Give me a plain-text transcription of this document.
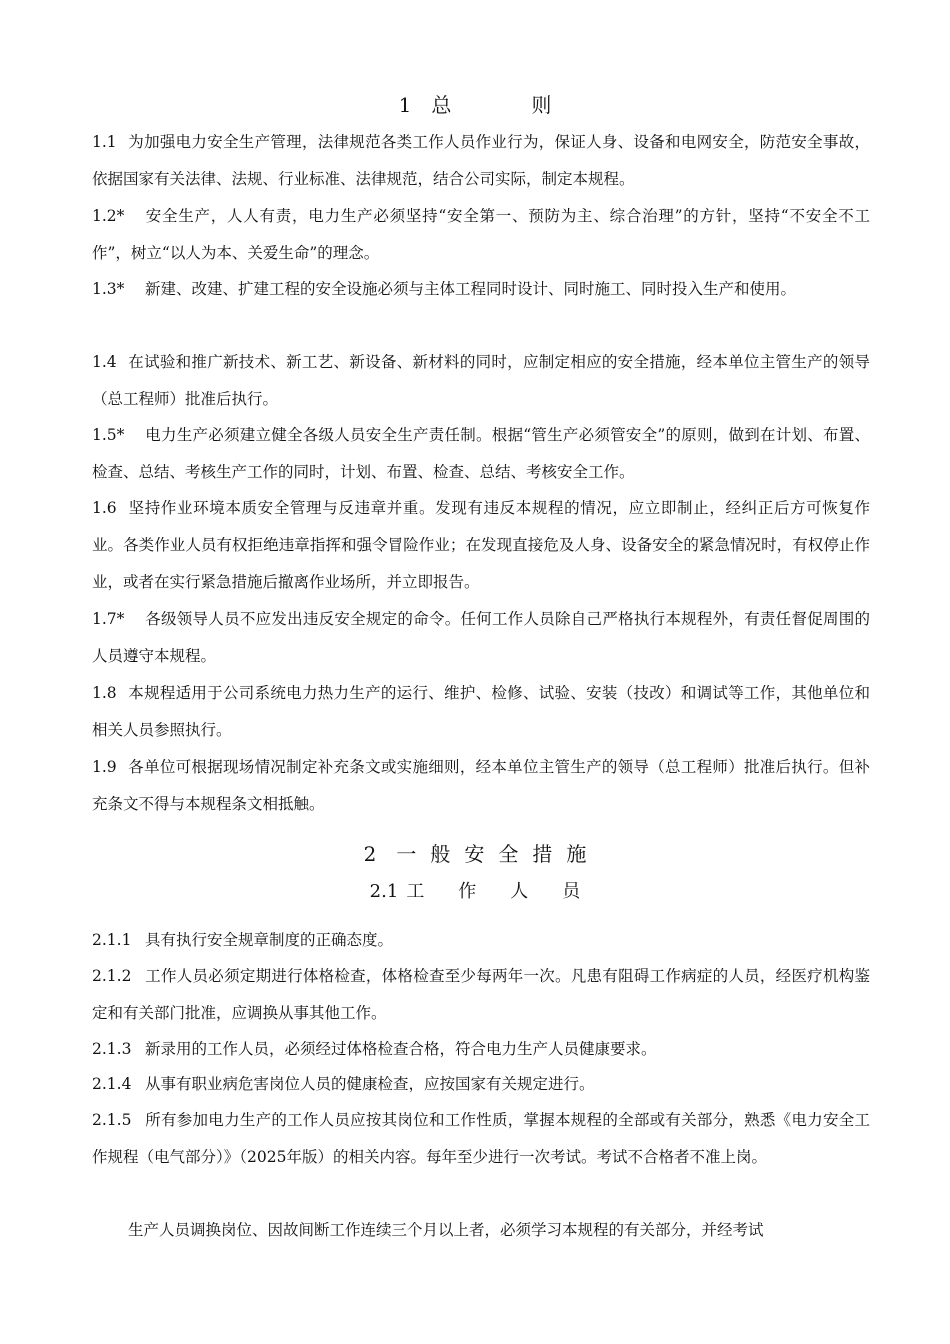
1 总则

1.1 为加强电力安全生产管理，法律规范各类工作人员作业行为，保证人身、设备和电网安全，防范安全事故，依据国家有关法律、法规、行业标准、法律规范，结合公司实际，制定本规程。

1.2* 安全生产，人人有责，电力生产必须坚持“安全第一、预防为主、综合治理”的方针，坚持“不安全不工作”，树立“以人为本、关爱生命”的理念。

1.3* 新建、改建、扩建工程的安全设施必须与主体工程同时设计、同时施工、同时投入生产和使用。

1.4 在试验和推广新技术、新工艺、新设备、新材料的同时，应制定相应的安全措施，经本单位主管生产的领导（总工程师）批准后执行。

1.5* 电力生产必须建立健全各级人员安全生产责任制。根据“管生产必须管安全”的原则，做到在计划、布置、检查、总结、考核生产工作的同时，计划、布置、检查、总结、考核安全工作。

1.6 坚持作业环境本质安全管理与反违章并重。发现有违反本规程的情况，应立即制止，经纠正后方可恢复作业。各类作业人员有权拒绝违章指挥和强令冒险作业；在发现直接危及人身、设备安全的紧急情况时，有权停止作业，或者在实行紧急措施后撤离作业场所，并立即报告。

1.7* 各级领导人员不应发出违反安全规定的命令。任何工作人员除自己严格执行本规程外，有责任督促周围的人员遵守本规程。

1.8 本规程适用于公司系统电力热力生产的运行、维护、检修、试验、安装（技改）和调试等工作，其他单位和相关人员参照执行。

1.9 各单位可根据现场情况制定补充条文或实施细则，经本单位主管生产的领导（总工程师）批准后执行。但补充条文不得与本规程条文相抵触。

2 一般安全措施
2.1 工作人员

2.1.1 具有执行安全规章制度的正确态度。

2.1.2 工作人员必须定期进行体格检查，体格检查至少每两年一次。凡患有阻碍工作病症的人员，经医疗机构鉴定和有关部门批准，应调换从事其他工作。

2.1.3 新录用的工作人员，必须经过体格检查合格，符合电力生产人员健康要求。

2.1.4 从事有职业病危害岗位人员的健康检查，应按国家有关规定进行。

2.1.5 所有参加电力生产的工作人员应按其岗位和工作性质，掌握本规程的全部或有关部分，熟悉《电力安全工作规程（电气部分）》（2025年版）的相关内容。每年至少进行一次考试。考试不合格者不准上岗。

生产人员调换岗位、因故间断工作连续三个月以上者，必须学习本规程的有关部分，并经考试
